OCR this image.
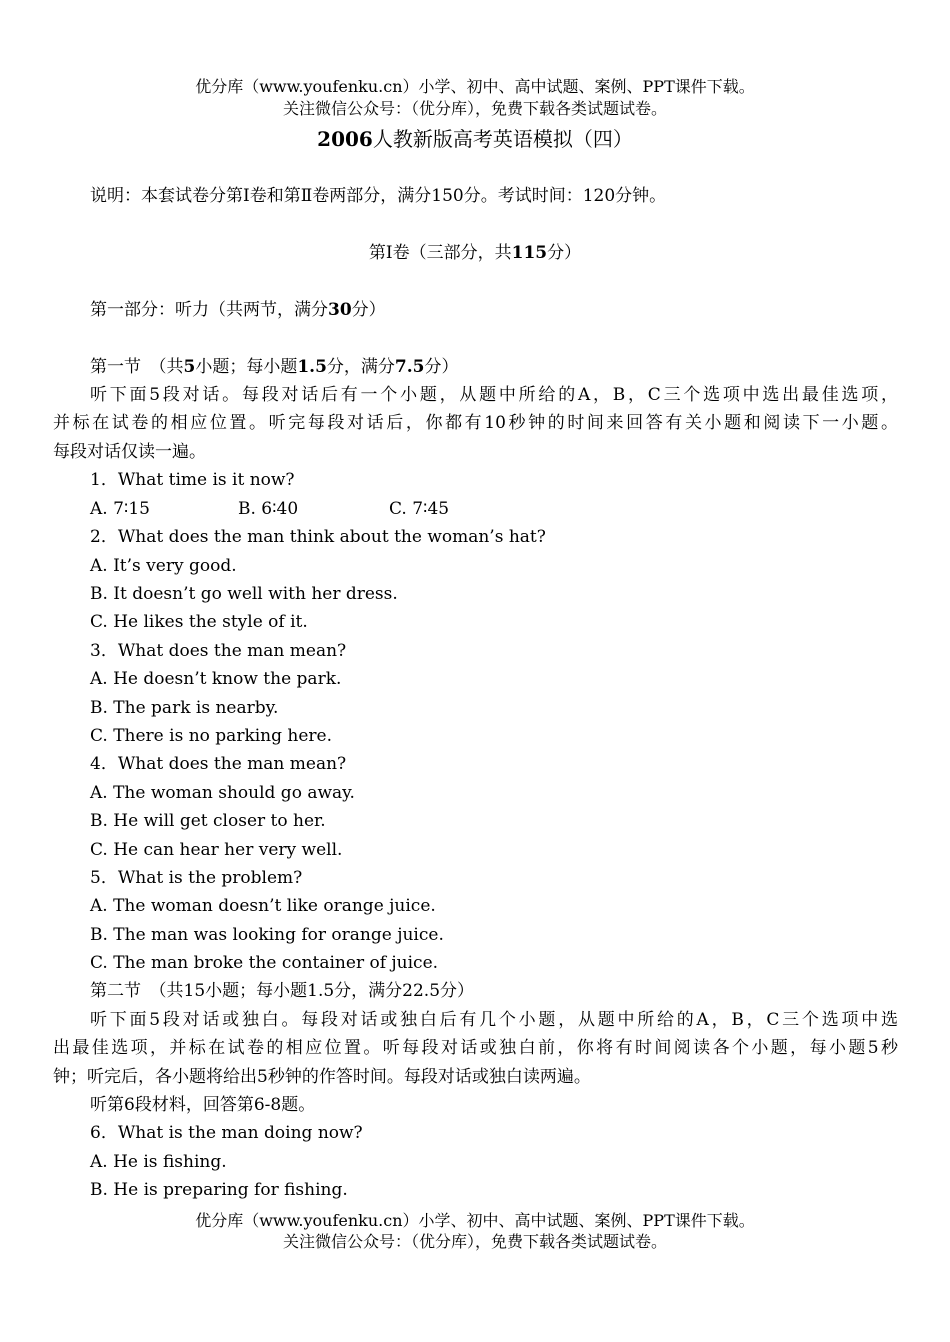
优分库（www.youfenku.cn）小学、初中、高中试题、案例、PPT课件下载。
关注微信公众号：（优分库），免费下载各类试题试卷。
2006人教新版高考英语模拟（四）
说明：本套试卷分第Ⅰ卷和第Ⅱ卷两部分，满分150分。考试时间：120分钟。
第Ⅰ卷（三部分，共115分）
第一部分：听力（共两节，满分30分）
第一节　（共5小题；每小题1.5分，满分7.5分）
听下面5段对话。每段对话后有一个小题，从题中所给的A，B，C三个选项中选出最佳选项，
并标在试卷的相应位置。听完每段对话后，你都有10秒钟的时间来回答有关小题和阅读下一小题。
每段对话仅读一遍。
1．What time is it now?
A. 7∶15	B. 6∶40	C. 7∶45
2．What does the man think about the woman’s hat?
A. It’s very good.
B. It doesn’t go well with her dress.
C. He likes the style of it.
3．What does the man mean?
A. He doesn’t know the park.
B. The park is nearby.
C. There is no parking here.
4．What does the man mean?
A. The woman should go away.
B. He will get closer to her.
C. He can hear her very well.
5．What is the problem?
A. The woman doesn’t like orange juice.
B. The man was looking for orange juice.
C. The man broke the container of juice.
第二节　（共15小题；每小题1.5分，满分22.5分）
听下面5段对话或独白。每段对话或独白后有几个小题，从题中所给的A，B，C三个选项中选
出最佳选项，并标在试卷的相应位置。听每段对话或独白前，你将有时间阅读各个小题，每小题5秒
钟；听完后，各小题将给出5秒钟的作答时间。每段对话或独白读两遍。
听第6段材料，回答第6-8题。
6．What is the man doing now?
A. He is fishing.
B. He is preparing for fishing.
优分库（www.youfenku.cn）小学、初中、高中试题、案例、PPT课件下载。
关注微信公众号：（优分库），免费下载各类试题试卷。
